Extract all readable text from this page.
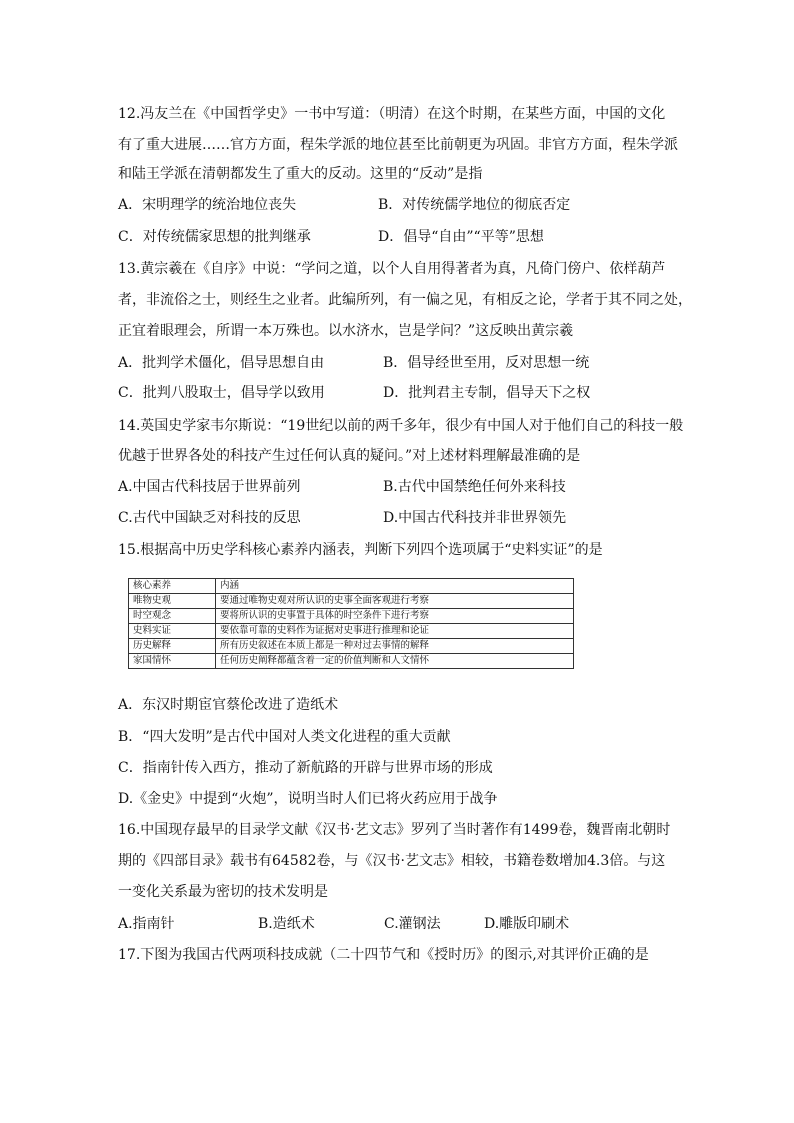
12.冯友兰在《中国哲学史》一书中写道：（明清）在这个时期，在某些方面，中国的文化
有了重大进展……官方方面，程朱学派的地位甚至比前朝更为巩固。非官方方面，程朱学派
和陆王学派在清朝都发生了重大的反动。这里的“反动”是指
A．宋明理学的统治地位丧失	B．对传统儒学地位的彻底否定
C．对传统儒家思想的批判继承	D．倡导“自由”“平等”思想
13.黄宗羲在《自序》中说：“学问之道，以个人自用得著者为真，凡倚门傍户、依样葫芦
者，非流俗之士，则经生之业者。此编所列，有一偏之见，有相反之论，学者于其不同之处，
正宜着眼理会，所谓一本万殊也。以水济水，岂是学问？”这反映出黄宗羲
A．批判学术僵化，倡导思想自由	B．倡导经世至用，反对思想一统
C．批判八股取士，倡导学以致用	D．批判君主专制，倡导天下之权
14.英国史学家韦尔斯说：“19世纪以前的两千多年，很少有中国人对于他们自己的科技一般
优越于世界各处的科技产生过任何认真的疑问。”对上述材料理解最准确的是
A.中国古代科技居于世界前列	B.古代中国禁绝任何外来科技
C.古代中国缺乏对科技的反思	D.中国古代科技并非世界领先
15.根据高中历史学科核心素养内涵表，判断下列四个选项属于“史料实证”的是
核心素养	内涵
唯物史观	要通过唯物史观对所认识的史事全面客观进行考察
时空观念	要将所认识的史事置于具体的时空条件下进行考察
史料实证	要依靠可靠的史料作为证据对史事进行推理和论证
历史解释	所有历史叙述在本质上都是一种对过去事情的解释
家国情怀	任何历史阐释都蕴含着一定的价值判断和人文情怀
A．东汉时期宦官蔡伦改进了造纸术
B．“四大发明”是古代中国对人类文化进程的重大贡献
C．指南针传入西方，推动了新航路的开辟与世界市场的形成
D.《金史》中提到“火炮”，说明当时人们已将火药应用于战争
16.中国现存最早的目录学文献《汉书·艺文志》罗列了当时著作有1499卷，魏晋南北朝时
期的《四部目录》载书有64582卷，与《汉书·艺文志》相较，书籍卷数增加4.3倍。与这
一变化关系最为密切的技术发明是
A.指南针	B.造纸术	C.灌钢法	D.雕版印刷术
17.下图为我国古代两项科技成就（二十四节气和《授时历》的图示,对其评价正确的是
